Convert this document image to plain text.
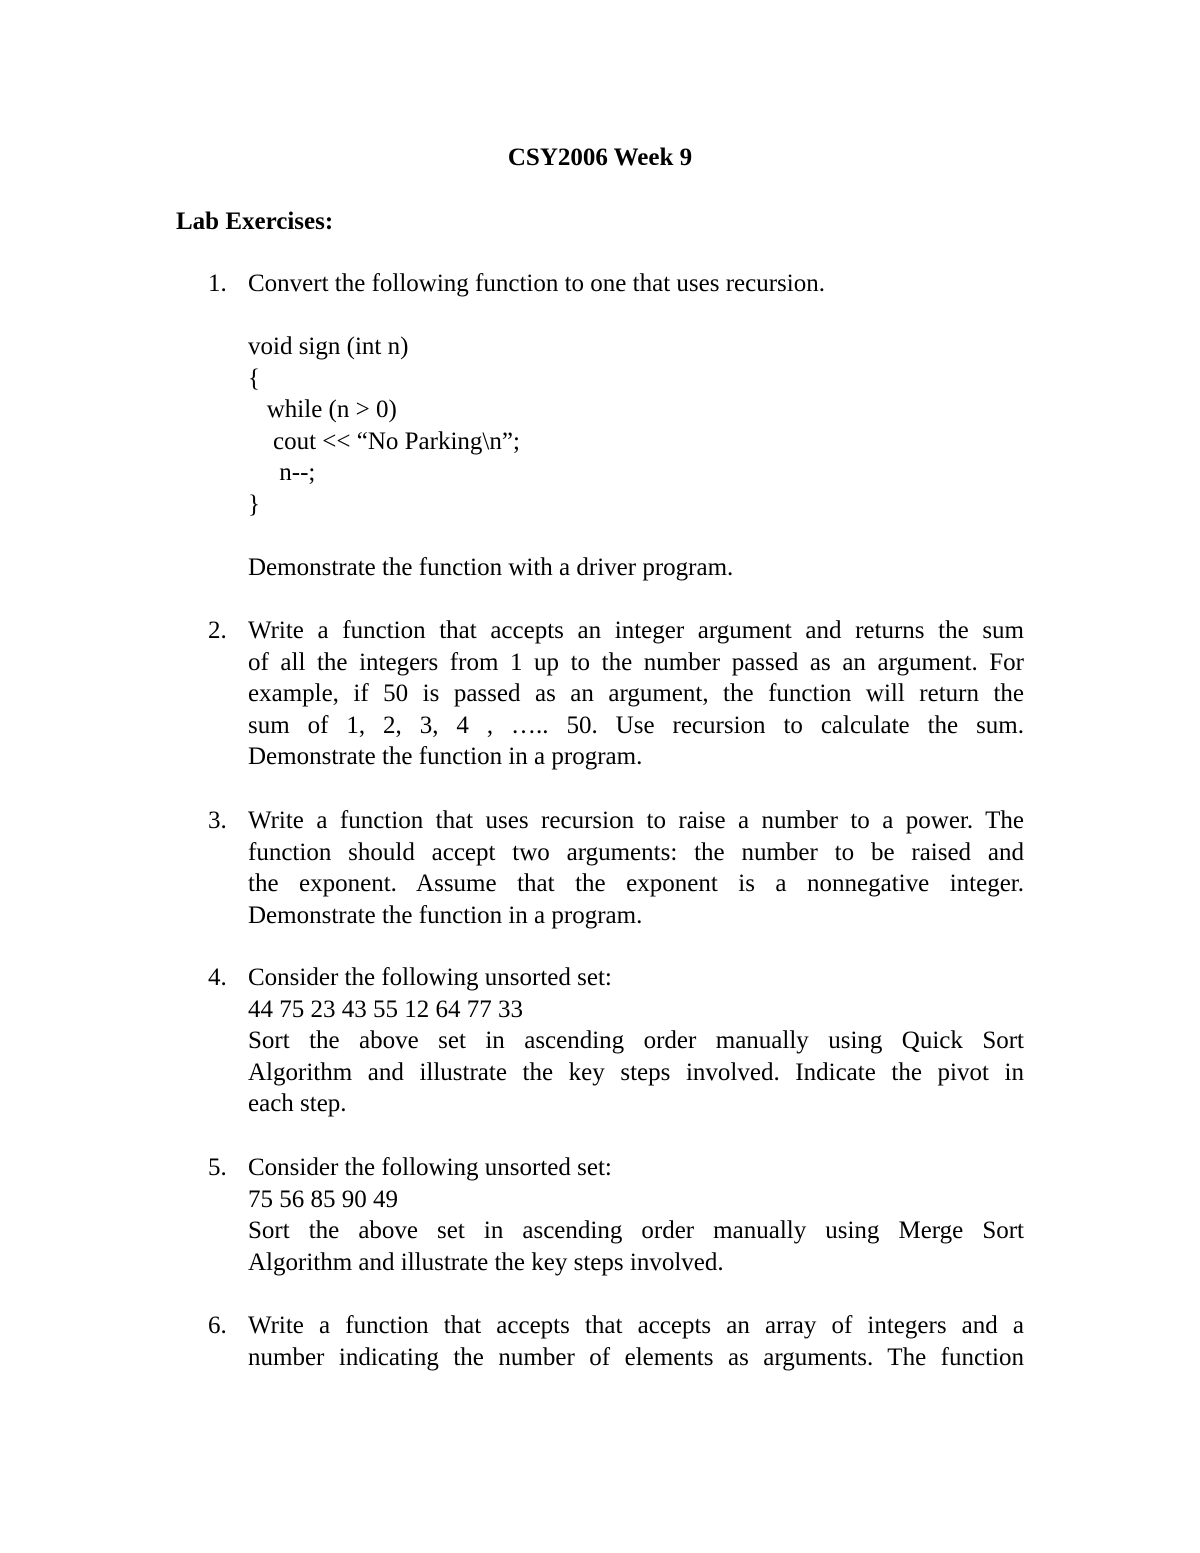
CSY2006 Week 9
Lab Exercises:
1. Convert the following function to one that uses recursion.
void sign (int n)
{
while (n > 0)
cout << “No Parking\n”;
n--;
}
Demonstrate the function with a driver program.
2. Write a function that accepts an integer argument and returns the sum
of all the integers from 1 up to the number passed as an argument. For
example, if 50 is passed as an argument, the function will return the
sum of 1, 2, 3, 4 , ….. 50. Use recursion to calculate the sum.
Demonstrate the function in a program.
3. Write a function that uses recursion to raise a number to a power. The
function should accept two arguments: the number to be raised and
the exponent. Assume that the exponent is a nonnegative integer.
Demonstrate the function in a program.
4. Consider the following unsorted set:
44 75 23 43 55 12 64 77 33
Sort the above set in ascending order manually using Quick Sort
Algorithm and illustrate the key steps involved. Indicate the pivot in
each step.
5. Consider the following unsorted set:
75 56 85 90 49
Sort the above set in ascending order manually using Merge Sort
Algorithm and illustrate the key steps involved.
6. Write a function that accepts that accepts an array of integers and a
number indicating the number of elements as arguments. The function
